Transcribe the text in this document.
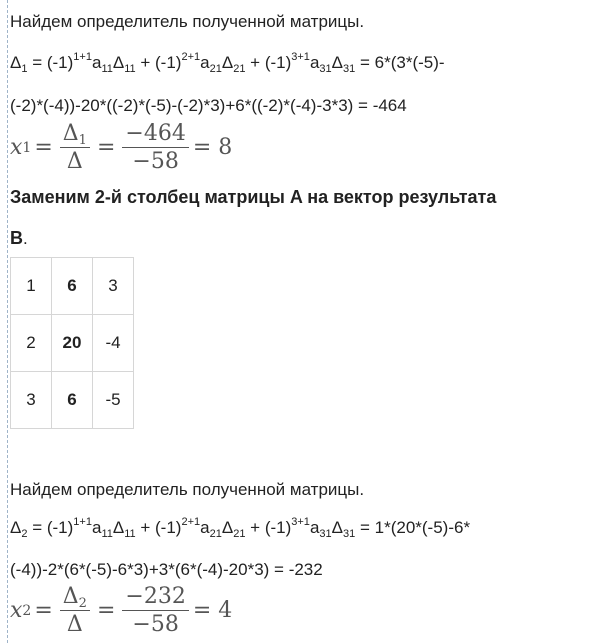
Найдем определитель полученной матрицы.
$\Delta_1 = (-1)^{1+1}a_{11}\Delta_{11} + (-1)^{2+1}a_{21}\Delta_{21} + (-1)^{3+1}a_{31}\Delta_{31} = 6*(3*(-5)-$
(-2)*(-4))-20*((-2)*(-5)-(-2)*3)+6*((-2)*(-4)-3*3) = -464
x $1 = \frac{\Delta_1}{\Delta} = \frac{-464}{-58} = 8$
Заменим 2-й столбец матрицы A на вектор результата
B.
1	6	3
2	20	-4
3	6	-5
Найдем определитель полученной матрицы.
$\Delta_2 = (-1)^{1+1}a_{11}\Delta_{11} + (-1)^{2+1}a_{21}\Delta_{21} + (-1)^{3+1}a_{31}\Delta_{31} = 1*(20*(-5)-6*$
(-4))-2*(6*(-5)-6*3)+3*(6*(-4)-20*3) = -232
x $2 = \frac{\Delta_2}{\Delta} = \frac{-232}{-58} = 4$
